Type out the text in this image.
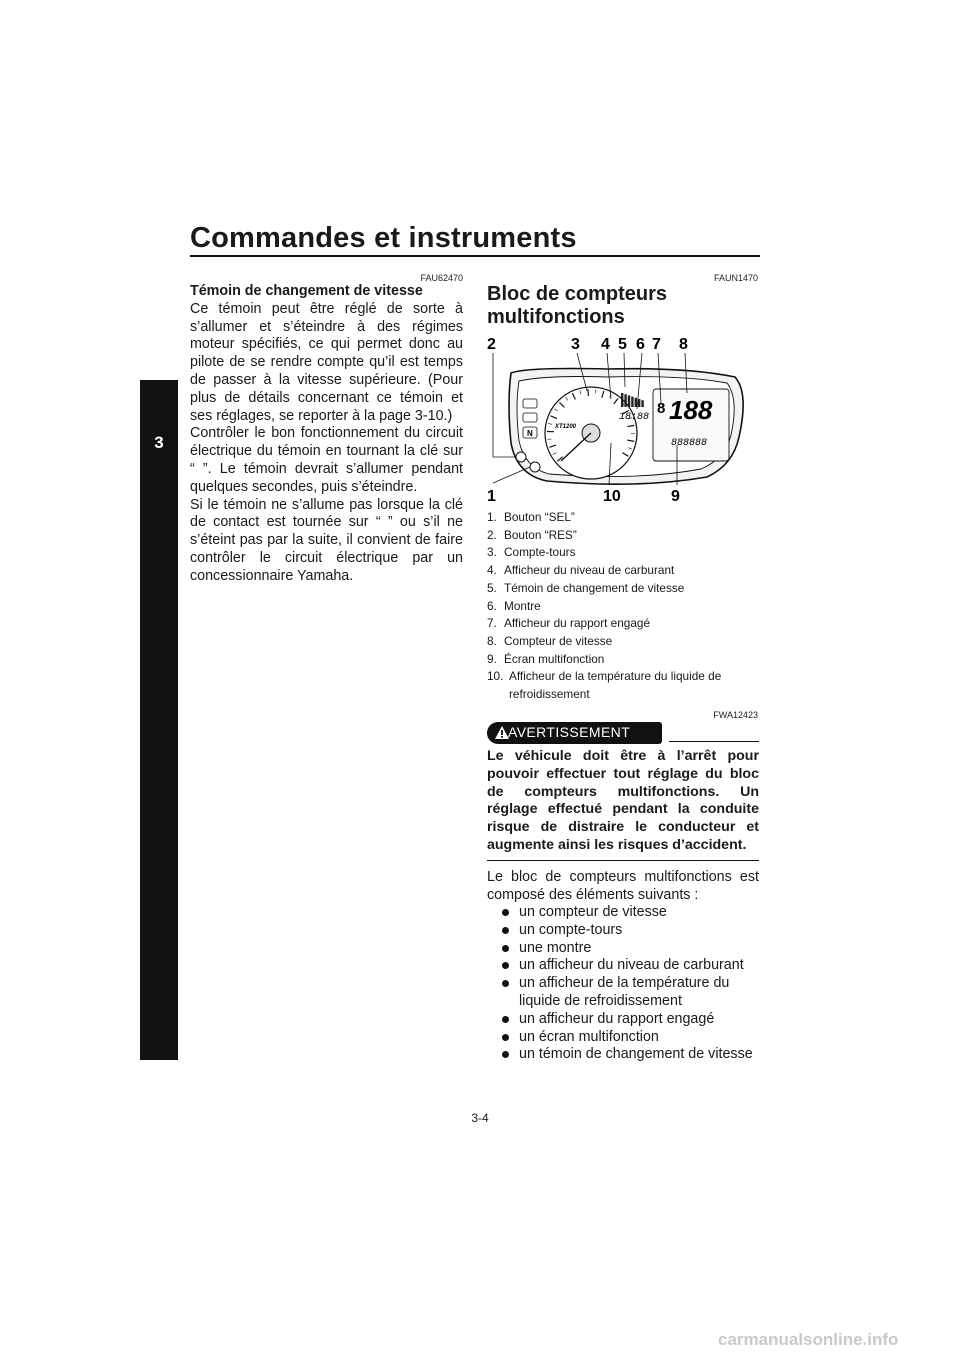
Commandes et instruments
3
FAU62470
Témoin de changement de vitesse

Ce témoin peut être réglé de sorte à s’allumer et s’éteindre à des régimes moteur spécifiés, ce qui permet donc au pilote de se rendre compte qu’il est temps de passer à la vitesse supérieure. (Pour plus de détails concernant ce témoin et ses réglages, se reporter à la page 3-10.)

Contrôler le bon fonctionnement du circuit électrique du témoin en tournant la clé sur “ ”. Le témoin devrait s’allumer pendant quelques secondes, puis s’éteindre.

Si le témoin ne s’allume pas lorsque la clé de contact est tournée sur “ ” ou s’il ne s’éteint pas par la suite, il convient de faire contrôler le circuit électrique par un concessionnaire Yamaha.

FAUN1470
Bloc de compteurs multifonctions
2	3 4 5 6 7 8
1	10	9
N
XT1200
18:88
8 188
888888
1. Bouton “SEL”
2. Bouton “RES”
3. Compte-tours
4. Afficheur du niveau de carburant
5. Témoin de changement de vitesse
6. Montre
7. Afficheur du rapport engagé
8. Compteur de vitesse
9. Écran multifonction
10. Afficheur de la température du liquide de refroidissement
FWA12423
AVERTISSEMENT

Le véhicule doit être à l’arrêt pour pouvoir effectuer tout réglage du bloc de compteurs multifonctions. Un réglage effectué pendant la conduite risque de distraire le conducteur et augmente ainsi les risques d’accident.

Le bloc de compteurs multifonctions est composé des éléments suivants :

un compteur de vitesse
un compte-tours
une montre
un afficheur du niveau de carburant
un afficheur de la température du liquide de refroidissement
un afficheur du rapport engagé
un écran multifonction
un témoin de changement de vitesse
3-4
carmanualsonline.info
